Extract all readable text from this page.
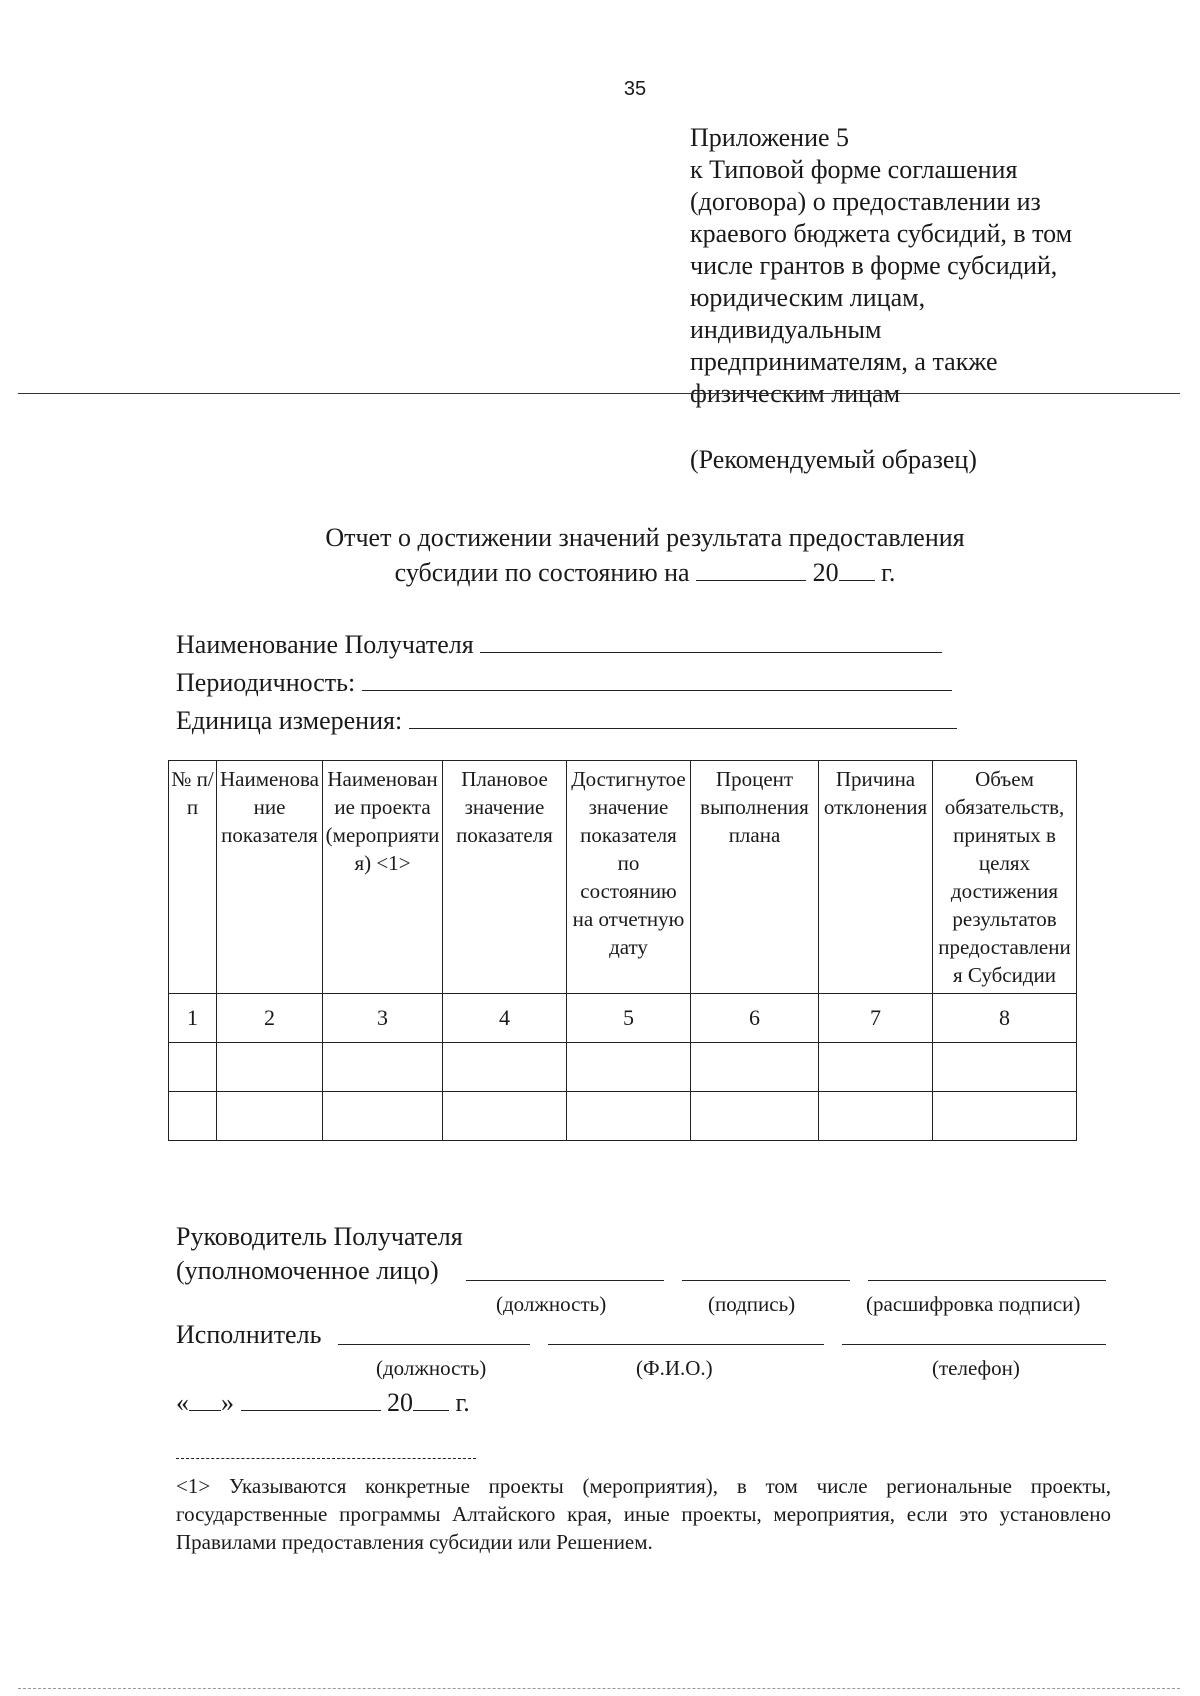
35
Приложение 5
к Типовой форме соглашения
(договора) о предоставлении из
краевого бюджета субсидий, в том
числе грантов в форме субсидий,
юридическим лицам,
индивидуальным
предпринимателям, а также
физическим лицам
(Рекомендуемый образец)
Отчет о достижении значений результата предоставления
субсидии по состоянию на	20 г.
Наименование Получателя
Периодичность:
Единица измерения:
№ п/п	Наименование показателя	Наименование проекта (мероприятия) <1>	Плановое значение показателя	Достигнутое значение показателя по состоянию на отчетную дату	Процент выполнения плана	Причина отклонения	Объем обязательств, принятых в целях достижения результатов предоставления Субсидии
1	2	3	4	5	6	7	8

Руководитель Получателя
(уполномоченное лицо)
(должность)	(подпись)	(расшифровка подписи)
Исполнитель
(должность)	(Ф.И.О.)	(телефон)
« »	20 г.
<1> Указываются конкретные проекты (мероприятия), в том числе региональные проекты, государственные программы Алтайского края, иные проекты, мероприятия, если это установлено Правилами предоставления субсидии или Решением.
